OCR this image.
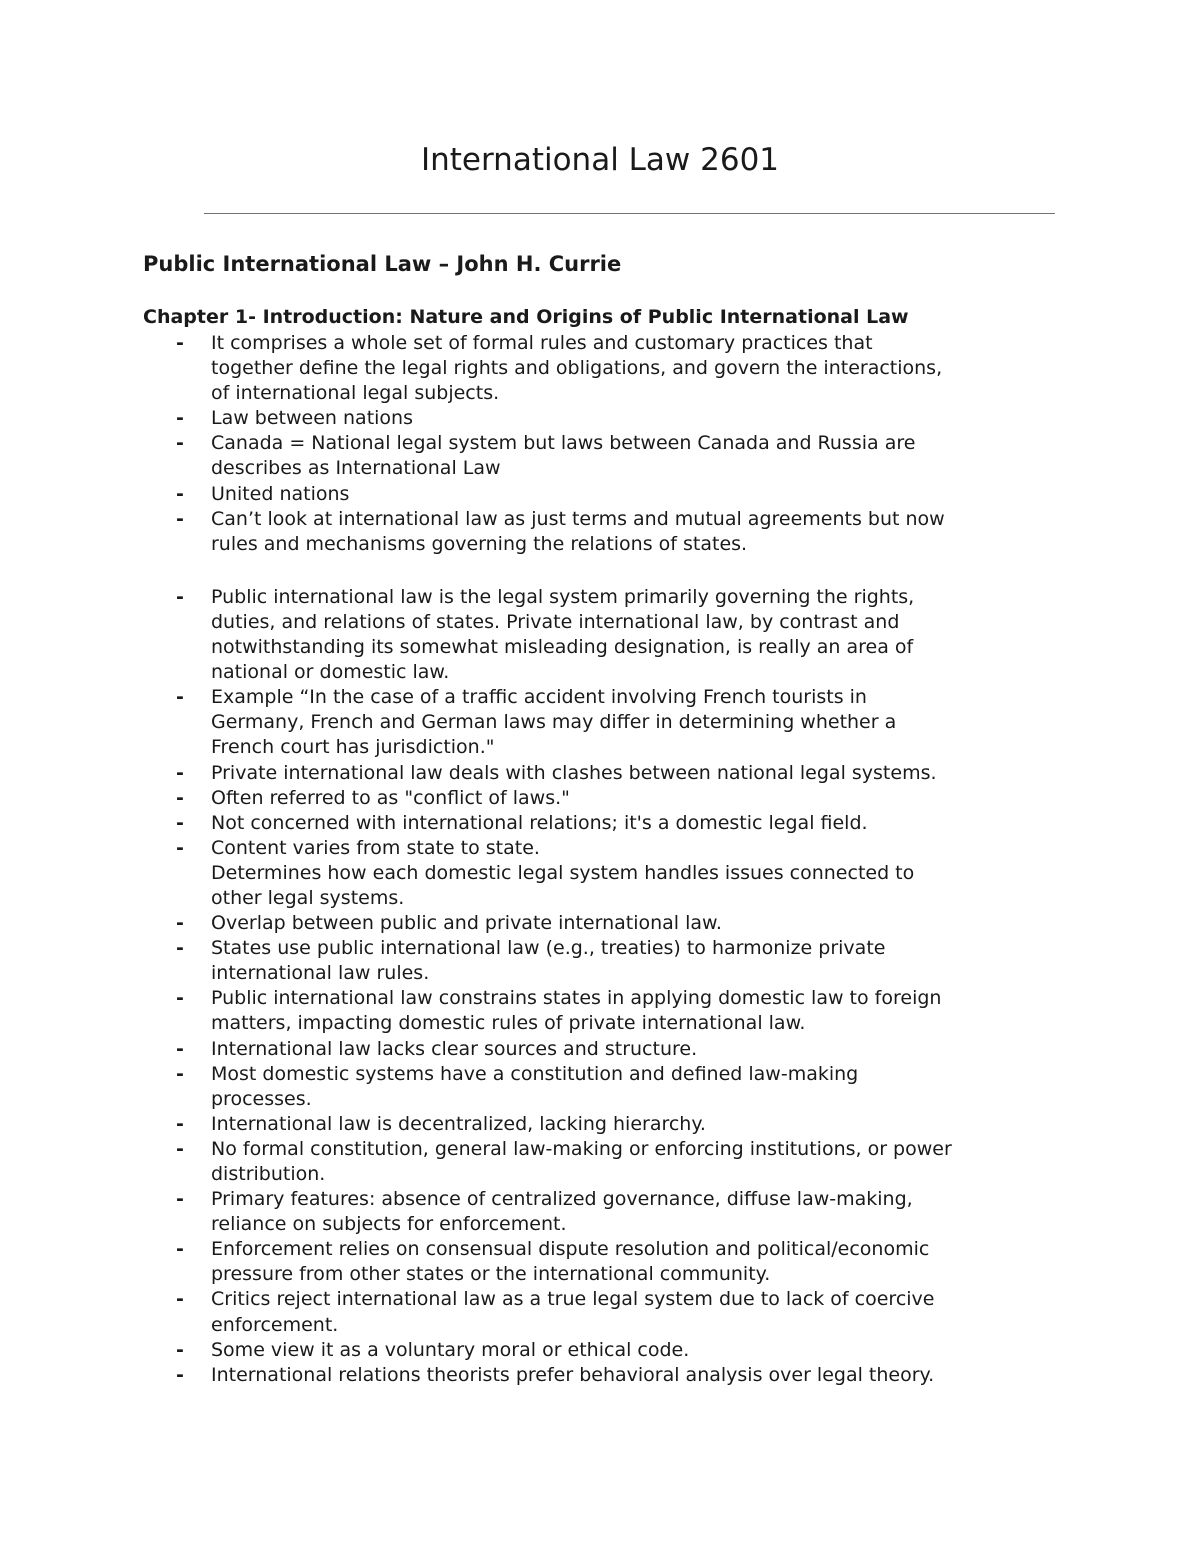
International Law 2601
Public International Law – John H. Currie
Chapter 1- Introduction: Nature and Origins of Public International Law
- It comprises a whole set of formal rules and customary practices that
together define the legal rights and obligations, and govern the interactions,
of international legal subjects.
- Law between nations
- Canada = National legal system but laws between Canada and Russia are
describes as International Law
- United nations
- Can’t look at international law as just terms and mutual agreements but now
rules and mechanisms governing the relations of states.
- Public international law is the legal system primarily governing the rights,
duties, and relations of states. Private international law, by contrast and
notwithstanding its somewhat misleading designation, is really an area of
national or domestic law.
- Example “In the case of a traffic accident involving French tourists in
Germany, French and German laws may differ in determining whether a
French court has jurisdiction."
- Private international law deals with clashes between national legal systems.
- Often referred to as "conflict of laws."
- Not concerned with international relations; it's a domestic legal field.
- Content varies from state to state.
Determines how each domestic legal system handles issues connected to
other legal systems.
- Overlap between public and private international law.
- States use public international law (e.g., treaties) to harmonize private
international law rules.
- Public international law constrains states in applying domestic law to foreign
matters, impacting domestic rules of private international law.
- International law lacks clear sources and structure.
- Most domestic systems have a constitution and defined law-making
processes.
- International law is decentralized, lacking hierarchy.
- No formal constitution, general law-making or enforcing institutions, or power
distribution.
- Primary features: absence of centralized governance, diffuse law-making,
reliance on subjects for enforcement.
- Enforcement relies on consensual dispute resolution and political/economic
pressure from other states or the international community.
- Critics reject international law as a true legal system due to lack of coercive
enforcement.
- Some view it as a voluntary moral or ethical code.
- International relations theorists prefer behavioral analysis over legal theory.
